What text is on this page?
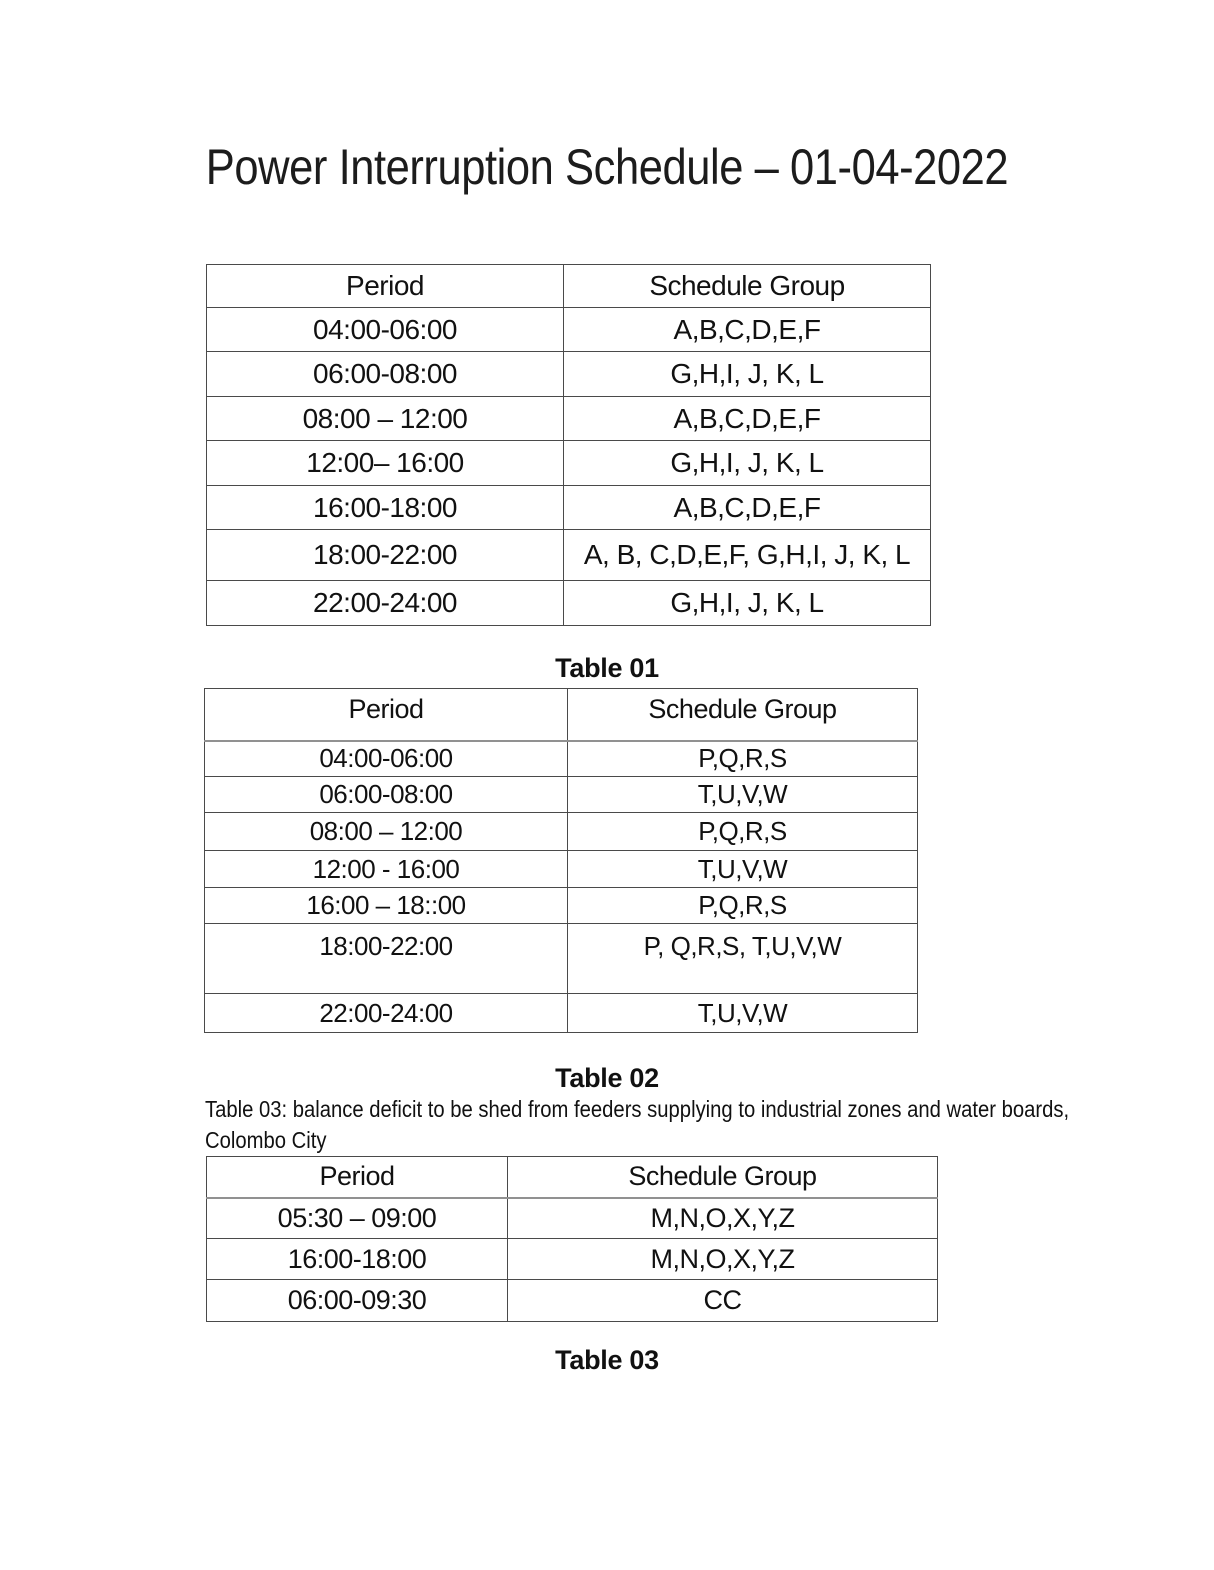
Power Interruption Schedule – 01-04-2022
Period	Schedule Group
04:00-06:00	A,B,C,D,E,F
06:00-08:00	G,H,I, J, K, L
08:00 – 12:00	A,B,C,D,E,F
12:00– 16:00	G,H,I, J, K, L
16:00-18:00	A,B,C,D,E,F
18:00-22:00	A, B, C,D,E,F, G,H,I, J, K, L
22:00-24:00	G,H,I, J, K, L
Table 01
Period	Schedule Group
04:00-06:00	P,Q,R,S
06:00-08:00	T,U,V,W
08:00 – 12:00	P,Q,R,S
12:00 - 16:00	T,U,V,W
16:00 – 18::00	P,Q,R,S
18:00-22:00	P, Q,R,S, T,U,V,W
22:00-24:00	T,U,V,W
Table 02
Table 03: balance deficit to be shed from feeders supplying to industrial zones and water boards,
Colombo City
Period	Schedule Group
05:30 – 09:00	M,N,O,X,Y,Z
16:00-18:00	M,N,O,X,Y,Z
06:00-09:30	CC
Table 03
